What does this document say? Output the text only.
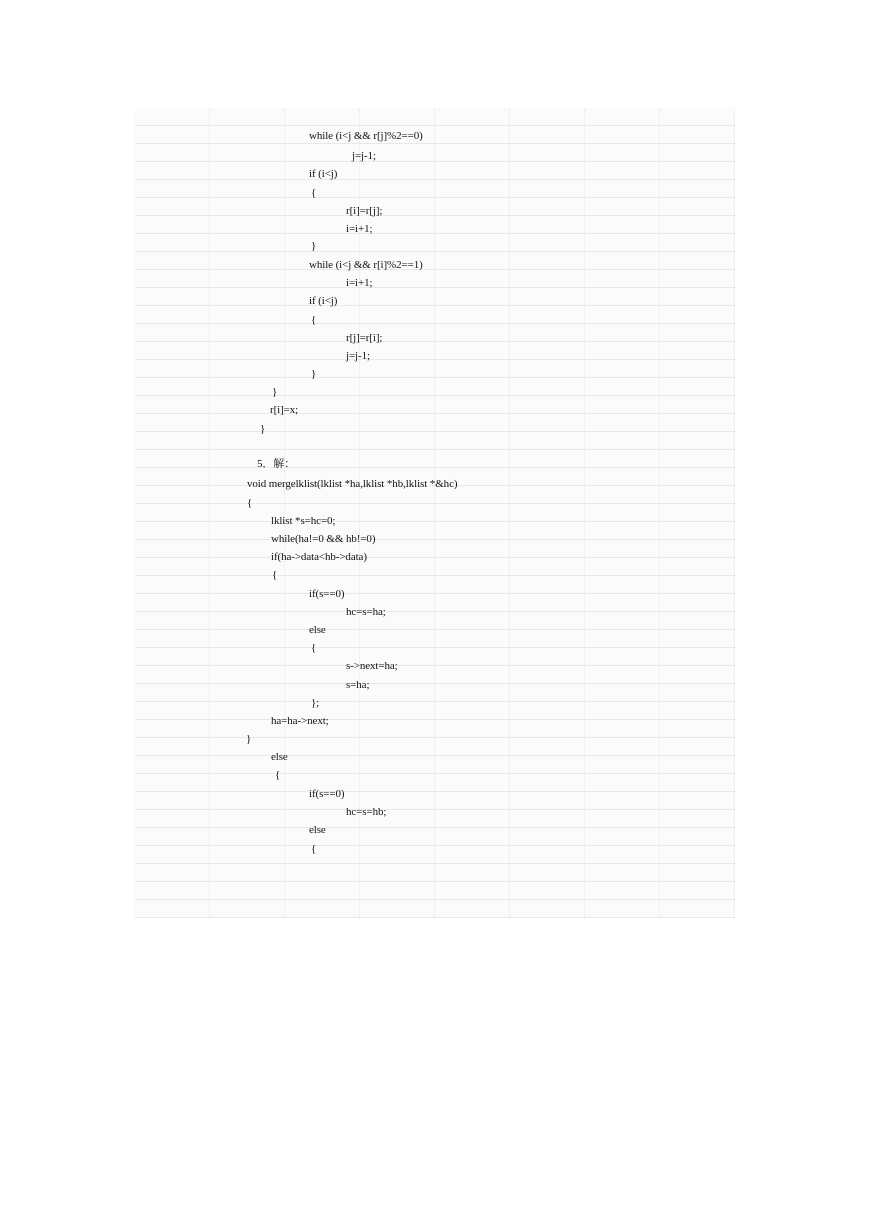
while (i<j && r[j]%2==0)
j=j-1;
if (i<j)
{
r[i]=r[j];
i=i+1;
}
while (i<j && r[i]%2==1)
i=i+1;
if (i<j)
{
r[j]=r[i];
j=j-1;
}
}
r[i]=x;
}
5．解：
void mergelklist(lklist *ha,lklist *hb,lklist *&hc)
{
lklist *s=hc=0;
while(ha!=0 && hb!=0)
if(ha->data<hb->data)
{
if(s==0)
hc=s=ha;
else
{
s->next=ha;
s=ha;
};
ha=ha->next;
}
else
{
if(s==0)
hc=s=hb;
else
{
